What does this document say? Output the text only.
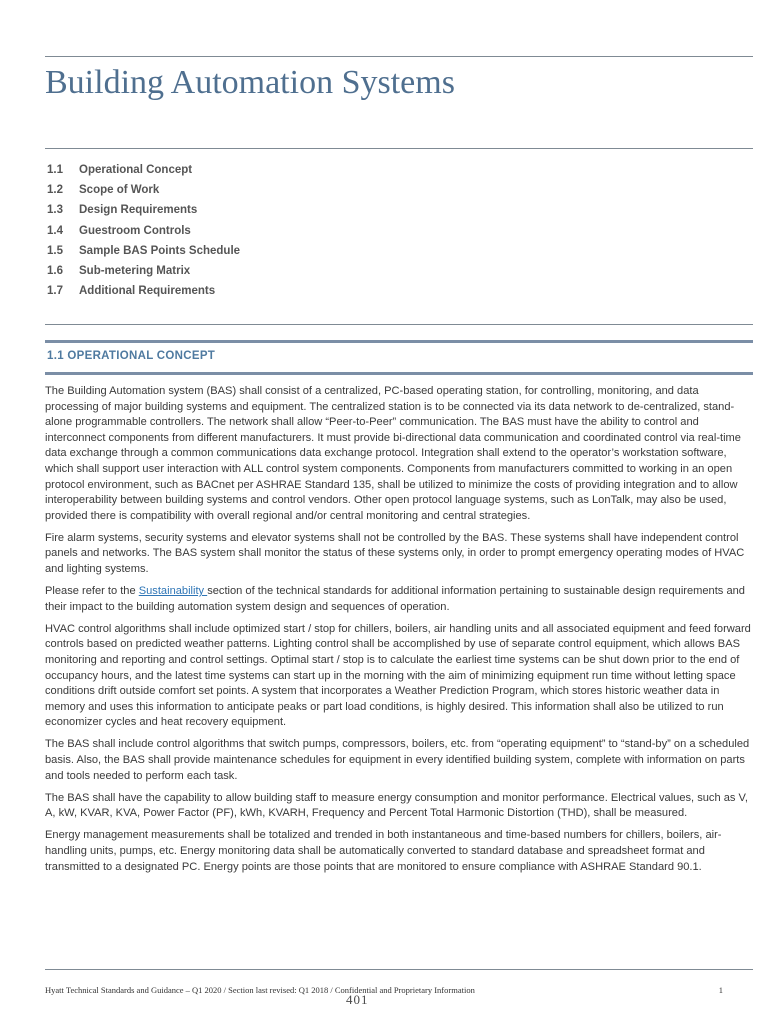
Building Automation Systems
1.1	Operational Concept
1.2	Scope of Work
1.3	Design Requirements
1.4	Guestroom Controls
1.5	Sample BAS Points Schedule
1.6	Sub-metering Matrix
1.7	Additional Requirements
1.1 OPERATIONAL CONCEPT

The Building Automation system (BAS) shall consist of a centralized, PC-based operating station, for controlling, monitoring, and data processing of major building systems and equipment. The centralized station is to be connected via its data network to de-centralized, stand-alone programmable controllers. The network shall allow “Peer-to-Peer” communication. The BAS must have the ability to control and interconnect components from different manufacturers. It must provide bi-directional data communication and coordinated control via real-time data exchange through a common communications data exchange protocol. Integration shall extend to the operator’s workstation software, which shall support user interaction with ALL control system components. Components from manufacturers committed to working in an open protocol environment, such as BACnet per ASHRAE Standard 135, shall be utilized to minimize the costs of providing integration and to allow interoperability between building systems and control vendors. Other open protocol language systems, such as LonTalk, may also be used, provided there is compatibility with overall regional and/or central monitoring and central strategies.

Fire alarm systems, security systems and elevator systems shall not be controlled by the BAS. These systems shall have independent control panels and networks. The BAS system shall monitor the status of these systems only, in order to prompt emergency operating modes of HVAC and lighting systems.

Please refer to the Sustainability section of the technical standards for additional information pertaining to sustainable design requirements and their impact to the building automation system design and sequences of operation.

HVAC control algorithms shall include optimized start / stop for chillers, boilers, air handling units and all associated equipment and feed forward controls based on predicted weather patterns. Lighting control shall be accomplished by use of separate control equipment, which allows BAS monitoring and reporting and control settings. Optimal start / stop is to calculate the earliest time systems can be shut down prior to the end of occupancy hours, and the latest time systems can start up in the morning with the aim of minimizing equipment run time without letting space conditions drift outside comfort set points. A system that incorporates a Weather Prediction Program, which stores historic weather data in memory and uses this information to anticipate peaks or part load conditions, is highly desired. This information shall also be utilized to run economizer cycles and heat recovery equipment.

The BAS shall include control algorithms that switch pumps, compressors, boilers, etc. from “operating equipment” to “stand-by” on a scheduled basis. Also, the BAS shall provide maintenance schedules for equipment in every identified building system, complete with information on parts and tools needed to perform each task.

The BAS shall have the capability to allow building staff to measure energy consumption and monitor performance. Electrical values, such as V, A, kW, KVAR, KVA, Power Factor (PF), kWh, KVARH, Frequency and Percent Total Harmonic Distortion (THD), shall be measured.

Energy management measurements shall be totalized and trended in both instantaneous and time-based numbers for chillers, boilers, air-handling units, pumps, etc. Energy monitoring data shall be automatically converted to standard database and spreadsheet format and transmitted to a designated PC. Energy points are those points that are monitored to ensure compliance with ASHRAE Standard 90.1.

Hyatt Technical Standards and Guidance – Q1 2020 / Section last revised: Q1 2018 / Confidential and Proprietary Information	1
401
